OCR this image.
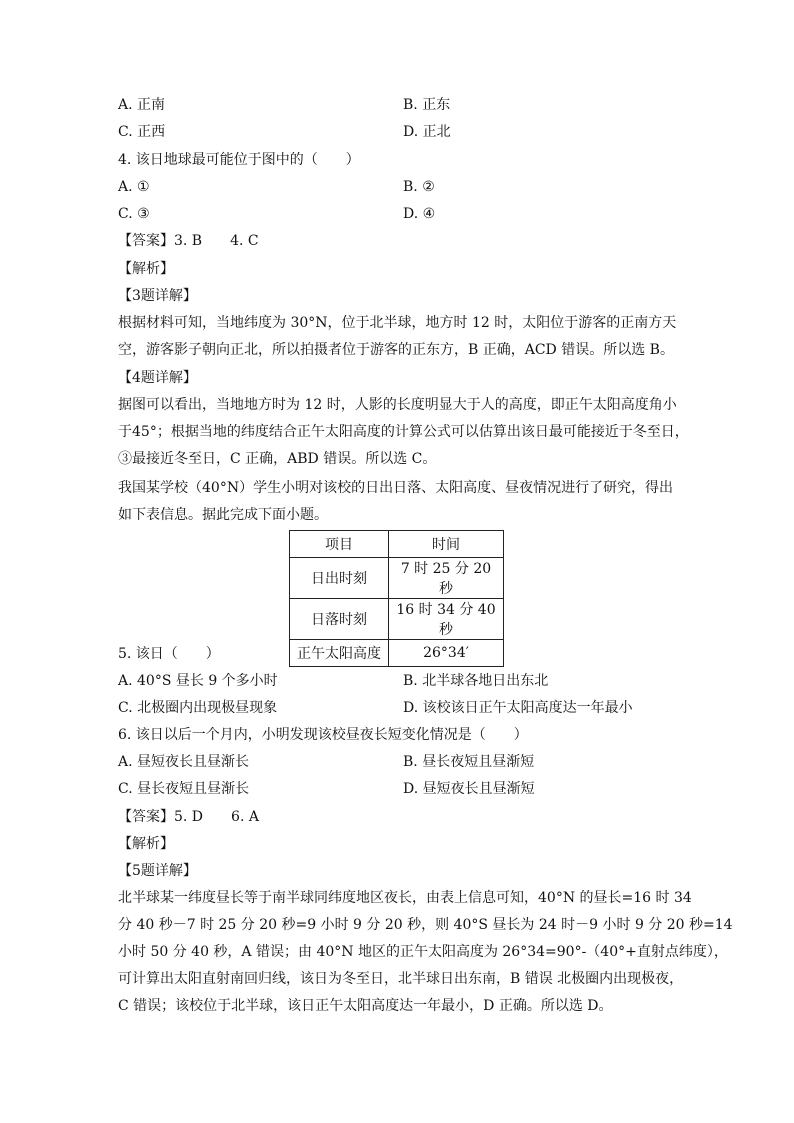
A. 正南	B. 正东
C. 正西	D. 正北
4. 该日地球最可能位于图中的（　　）
A. ①	B. ②
C. ③	D. ④
【答案】3. B　　4. C
【解析】
【3题详解】
根据材料可知，当地纬度为 30°N，位于北半球，地方时 12 时，太阳位于游客的正南方天
空，游客影子朝向正北，所以拍摄者位于游客的正东方，B 正确，ACD 错误。所以选 B。
【4题详解】
据图可以看出，当地地方时为 12 时，人影的长度明显大于人的高度，即正午太阳高度角小
于45°；根据当地的纬度结合正午太阳高度的计算公式可以估算出该日最可能接近于冬至日，
③最接近冬至日，C 正确，ABD 错误。所以选 C。
我国某学校（40°N）学生小明对该校的日出日落、太阳高度、昼夜情况进行了研究，得出
如下表信息。据此完成下面小题。
项目	时间
日出时刻	7 时 25 分 20 秒
日落时刻	16 时 34 分 40 秒
正午太阳高度	26°34′
5. 该日（　　）
A. 40°S 昼长 9 个多小时	B. 北半球各地日出东北
C. 北极圈内出现极昼现象	D. 该校该日正午太阳高度达一年最小
6. 该日以后一个月内，小明发现该校昼夜长短变化情况是（　　）
A. 昼短夜长且昼渐长	B. 昼长夜短且昼渐短
C. 昼长夜短且昼渐长	D. 昼短夜长且昼渐短
【答案】5. D　　6. A
【解析】
【5题详解】
北半球某一纬度昼长等于南半球同纬度地区夜长，由表上信息可知，40°N 的昼长=16 时 34
分 40 秒－7 时 25 分 20 秒=9 小时 9 分 20 秒，则 40°S 昼长为 24 时－9 小时 9 分 20 秒=14
小时 50 分 40 秒，A 错误；由 40°N 地区的正午太阳高度为 26°34=90°-（40°+直射点纬度），
可计算出太阳直射南回归线，该日为冬至日，北半球日出东南，B 错误 北极圈内出现极夜，
C 错误；该校位于北半球，该日正午太阳高度达一年最小，D 正确。所以选 D。
